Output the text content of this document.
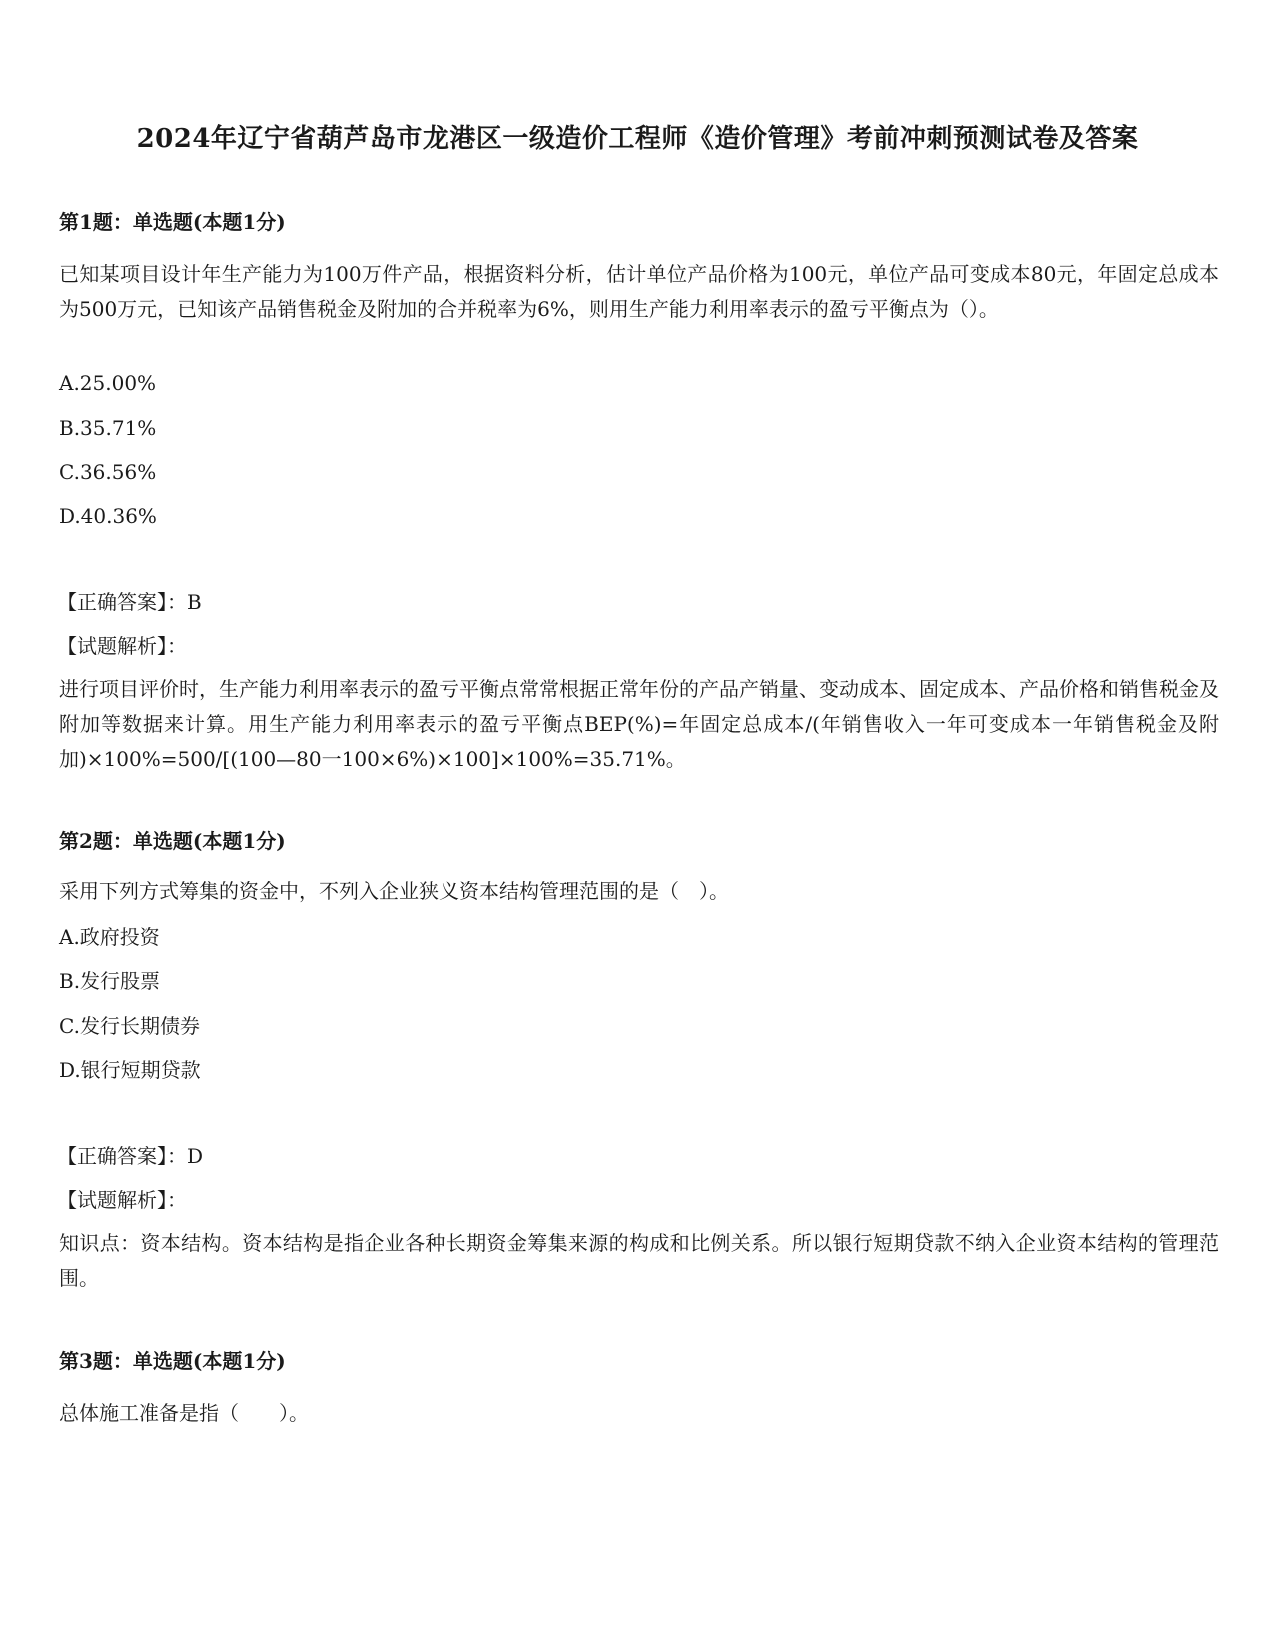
2024年辽宁省葫芦岛市龙港区一级造价工程师《造价管理》考前冲刺预测试卷及答案
第1题：单选题(本题1分)
已知某项目设计年生产能力为100万件产品，根据资料分析，估计单位产品价格为100元，单位产品可变成本80元，年固定总成本为500万元，已知该产品销售税金及附加的合并税率为6%，则用生产能力利用率表示的盈亏平衡点为（）。
A.25.00%
B.35.71%
C.36.56%
D.40.36%
【正确答案】：B
【试题解析】：
进行项目评价时，生产能力利用率表示的盈亏平衡点常常根据正常年份的产品产销量、变动成本、固定成本、产品价格和销售税金及附加等数据来计算。用生产能力利用率表示的盈亏平衡点BEP(%)=年固定总成本/(年销售收入一年可变成本一年销售税金及附加)×100%=500/[(100—80一100×6%)×100]×100%=35.71%。
第2题：单选题(本题1分)
采用下列方式筹集的资金中，不列入企业狭义资本结构管理范围的是（　）。
A.政府投资
B.发行股票
C.发行长期债券
D.银行短期贷款
【正确答案】：D
【试题解析】：
知识点：资本结构。资本结构是指企业各种长期资金筹集来源的构成和比例关系。所以银行短期贷款不纳入企业资本结构的管理范围。
第3题：单选题(本题1分)
总体施工准备是指（　　）。
